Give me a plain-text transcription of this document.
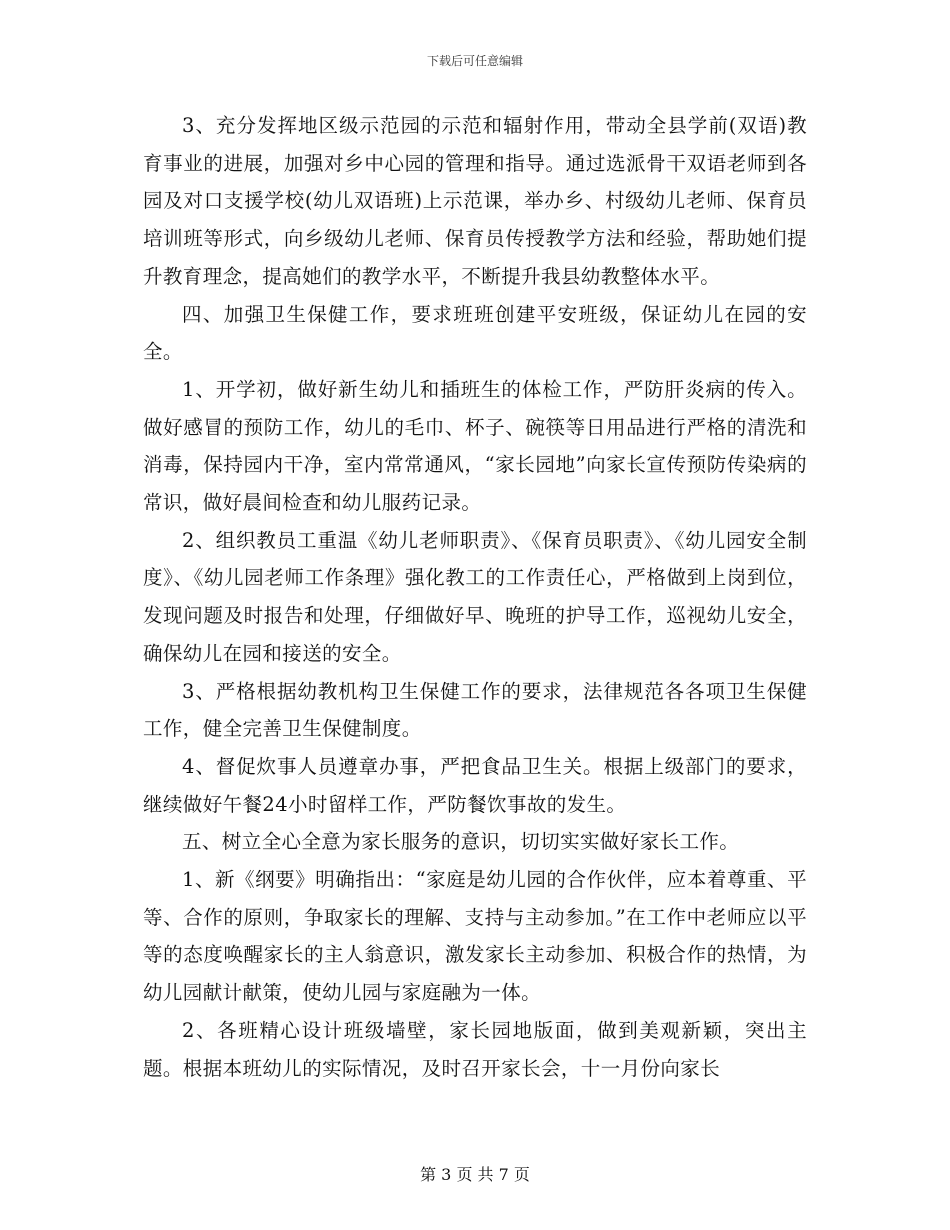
下载后可任意编辑

3、充分发挥地区级示范园的示范和辐射作用，带动全县学前(双语)教育事业的进展，加强对乡中心园的管理和指导。通过选派骨干双语老师到各园及对口支援学校(幼儿双语班)上示范课，举办乡、村级幼儿老师、保育员培训班等形式，向乡级幼儿老师、保育员传授教学方法和经验，帮助她们提升教育理念，提高她们的教学水平，不断提升我县幼教整体水平。

四、加强卫生保健工作，要求班班创建平安班级，保证幼儿在园的安全。

1、开学初，做好新生幼儿和插班生的体检工作，严防肝炎病的传入。做好感冒的预防工作，幼儿的毛巾、杯子、碗筷等日用品进行严格的清洗和消毒，保持园内干净，室内常常通风，“家长园地”向家长宣传预防传染病的常识，做好晨间检查和幼儿服药记录。

2、组织教员工重温《幼儿老师职责》、《保育员职责》、《幼儿园安全制度》、《幼儿园老师工作条理》强化教工的工作责任心，严格做到上岗到位，发现问题及时报告和处理，仔细做好早、晚班的护导工作，巡视幼儿安全，确保幼儿在园和接送的安全。

3、严格根据幼教机构卫生保健工作的要求，法律规范各各项卫生保健工作，健全完善卫生保健制度。

4、督促炊事人员遵章办事，严把食品卫生关。根据上级部门的要求，继续做好午餐24小时留样工作，严防餐饮事故的发生。

五、树立全心全意为家长服务的意识，切切实实做好家长工作。

1、新《纲要》明确指出：“家庭是幼儿园的合作伙伴，应本着尊重、平等、合作的原则，争取家长的理解、支持与主动参加。”在工作中老师应以平等的态度唤醒家长的主人翁意识，激发家长主动参加、积极合作的热情，为幼儿园献计献策，使幼儿园与家庭融为一体。

2、各班精心设计班级墙壁，家长园地版面，做到美观新颖，突出主题。根据本班幼儿的实际情况，及时召开家长会，十一月份向家长

第 3 页 共 7 页
